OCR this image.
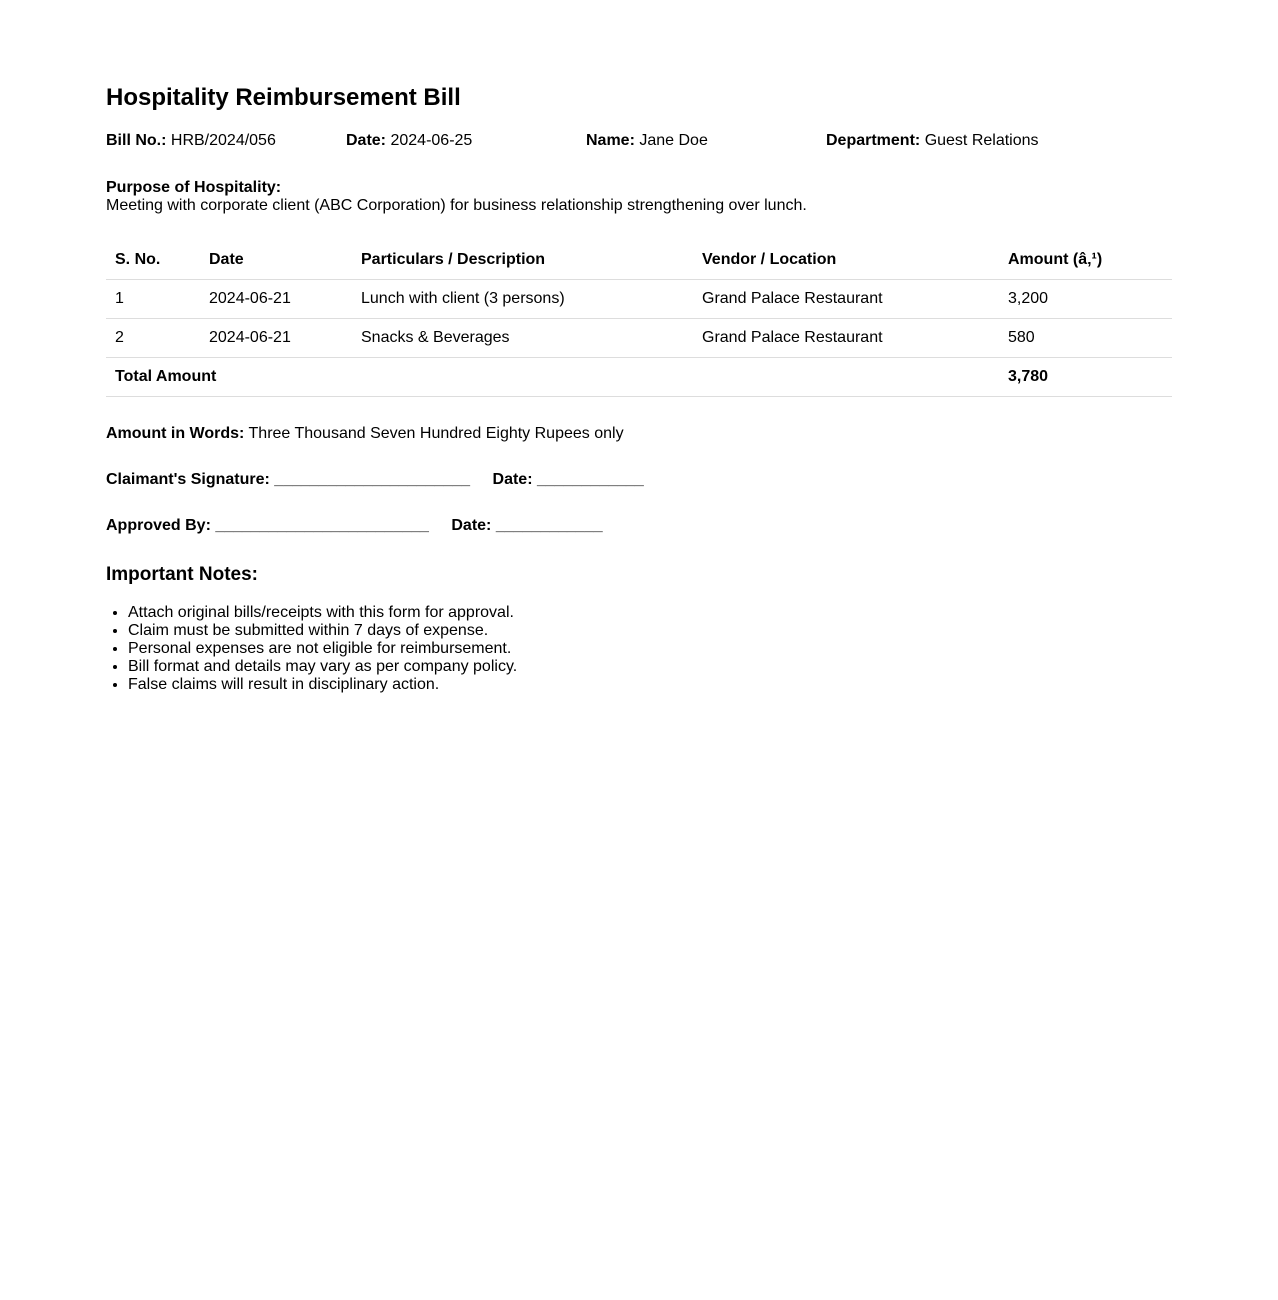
Hospitality Reimbursement Bill
Bill No.: HRB/2024/056	Date: 2024-06-25	Name: Jane Doe	Department: Guest Relations
Purpose of Hospitality:
Meeting with corporate client (ABC Corporation) for business relationship strengthening over lunch.
S. No.	Date	Particulars / Description	Vendor / Location	Amount (â‚¹)
1	2024-06-21	Lunch with client (3 persons)	Grand Palace Restaurant	3,200
2	2024-06-21	Snacks & Beverages	Grand Palace Restaurant	580
Total Amount				3,780
Amount in Words: Three Thousand Seven Hundred Eighty Rupees only
Claimant's Signature: ______________________ Date: ____________
Approved By: ________________________ Date: ____________
Important Notes:
• Attach original bills/receipts with this form for approval.
• Claim must be submitted within 7 days of expense.
• Personal expenses are not eligible for reimbursement.
• Bill format and details may vary as per company policy.
• False claims will result in disciplinary action.
